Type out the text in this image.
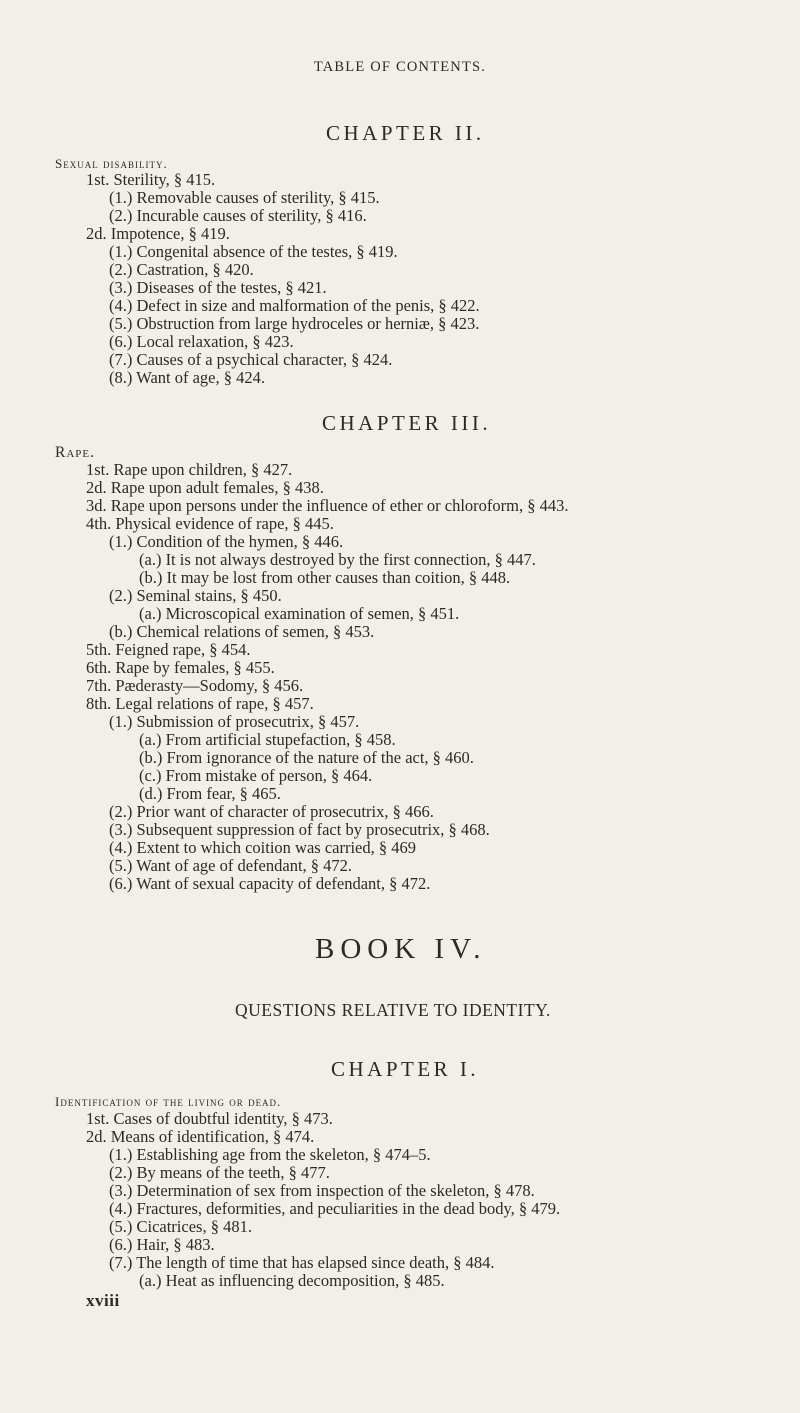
TABLE OF CONTENTS.
CHAPTER II.
Sexual disability.
1st. Sterility, § 415.
(1.) Removable causes of sterility, § 415.
(2.) Incurable causes of sterility, § 416.
2d. Impotence, § 419.
(1.) Congenital absence of the testes, § 419.
(2.) Castration, § 420.
(3.) Diseases of the testes, § 421.
(4.) Defect in size and malformation of the penis, § 422.
(5.) Obstruction from large hydroceles or herniæ, § 423.
(6.) Local relaxation, § 423.
(7.) Causes of a psychical character, § 424.
(8.) Want of age, § 424.
CHAPTER III.
Rape.
1st. Rape upon children, § 427.
2d. Rape upon adult females, § 438.
3d. Rape upon persons under the influence of ether or chloroform, § 443.
4th. Physical evidence of rape, § 445.
(1.) Condition of the hymen, § 446.
(a.) It is not always destroyed by the first connection, § 447.
(b.) It may be lost from other causes than coition, § 448.
(2.) Seminal stains, § 450.
(a.) Microscopical examination of semen, § 451.
(b.) Chemical relations of semen, § 453.
5th. Feigned rape, § 454.
6th. Rape by females, § 455.
7th. Pæderasty—Sodomy, § 456.
8th. Legal relations of rape, § 457.
(1.) Submission of prosecutrix, § 457.
(a.) From artificial stupefaction, § 458.
(b.) From ignorance of the nature of the act, § 460.
(c.) From mistake of person, § 464.
(d.) From fear, § 465.
(2.) Prior want of character of prosecutrix, § 466.
(3.) Subsequent suppression of fact by prosecutrix, § 468.
(4.) Extent to which coition was carried, § 469
(5.) Want of age of defendant, § 472.
(6.) Want of sexual capacity of defendant, § 472.
BOOK IV.
QUESTIONS RELATIVE TO IDENTITY.
CHAPTER I.
Identification of the living or dead.
1st. Cases of doubtful identity, § 473.
2d. Means of identification, § 474.
(1.) Establishing age from the skeleton, § 474–5.
(2.) By means of the teeth, § 477.
(3.) Determination of sex from inspection of the skeleton, § 478.
(4.) Fractures, deformities, and peculiarities in the dead body, § 479.
(5.) Cicatrices, § 481.
(6.) Hair, § 483.
(7.) The length of time that has elapsed since death, § 484.
(a.) Heat as influencing decomposition, § 485.
xviii
